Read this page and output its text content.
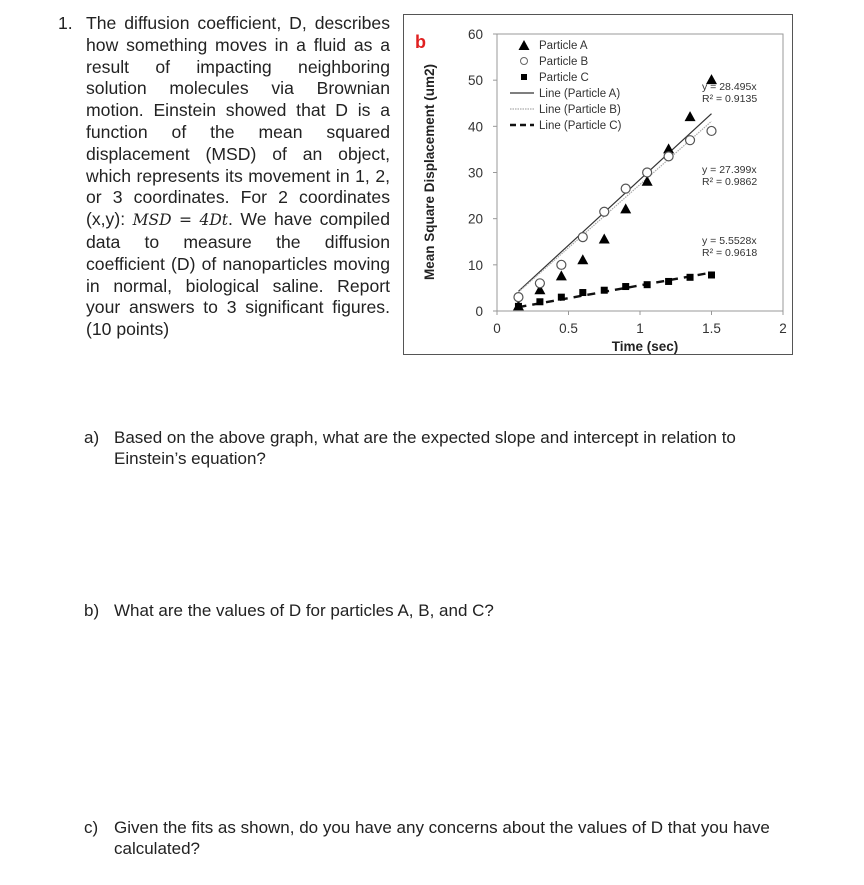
1. The diffusion coefficient, D, describes how something moves in a fluid as a result of impacting neighboring solution molecules via Brownian motion. Einstein showed that D is a function of the mean squared displacement (MSD) of an object, which represents its movement in 1, 2, or 3 coordinates. For 2 coordinates (x,y): MSD = 4Dt. We have compiled data to measure the diffusion coefficient (D) of nanoparticles moving in normal, biological saline. Report your answers to 3 significant figures. (10 points)
b
0
10
20
30
40
50
60
0	0.5	1	1.5	2
Time (sec)
Mean Square Displacement (um2)	y = 28.495x
R² = 0.9135
y = 27.399x
R² = 0.9862
y = 5.5528x
R² = 0.9618
Particle A
Particle B
Particle C
Line (Particle A)
Line (Particle B)
Line (Particle C)
a) Based on the above graph, what are the expected slope and intercept in relation to Einstein’s equation?
b) What are the values of D for particles A, B, and C?
c) Given the fits as shown, do you have any concerns about the values of D that you have calculated?
